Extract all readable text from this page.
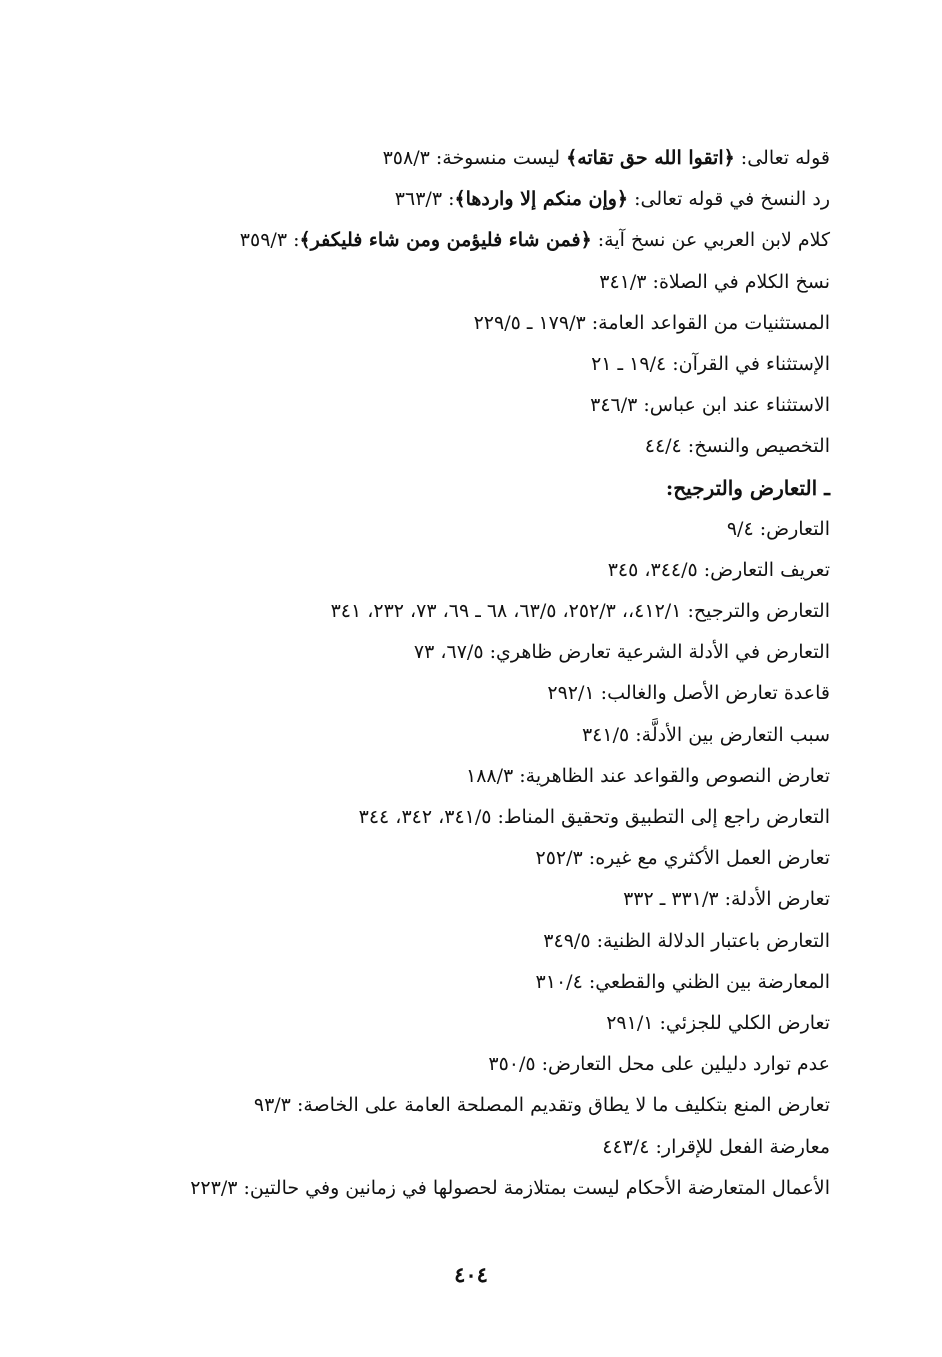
قوله تعالى: ﴿اتقوا الله حق تقاته﴾ ليست منسوخة: ٣٥٨/٣
رد النسخ في قوله تعالى: ﴿وإن منكم إلا واردها﴾: ٣٦٣/٣
كلام لابن العربي عن نسخ آية: ﴿فمن شاء فليؤمن ومن شاء فليكفر﴾: ٣٥٩/٣
نسخ الكلام في الصلاة: ٣٤١/٣
المستثنيات من القواعد العامة: ١٧٩/٣ ـ ٢٢٩/٥
الإستثناء في القرآن: ١٩/٤ ـ ٢١
الاستثناء عند ابن عباس: ٣٤٦/٣
التخصيص والنسخ: ٤٤/٤
ـ التعارض والترجيح:
التعارض: ٩/٤
تعريف التعارض: ٣٤٤/٥، ٣٤٥
التعارض والترجيح: ٤١٢/١،، ٢٥٢/٣، ٦٣/٥، ٦٨ ـ ٦٩، ٧٣، ٢٣٢، ٣٤١
التعارض في الأدلة الشرعية تعارض ظاهري: ٦٧/٥، ٧٣
قاعدة تعارض الأصل والغالب: ٢٩٢/١
سبب التعارض بين الأدلَّة: ٣٤١/٥
تعارض النصوص والقواعد عند الظاهرية: ١٨٨/٣
التعارض راجع إلى التطبيق وتحقيق المناط: ٣٤١/٥، ٣٤٢، ٣٤٤
تعارض العمل الأكثري مع غيره: ٢٥٢/٣
تعارض الأدلة: ٣٣١/٣ ـ ٣٣٢
التعارض باعتبار الدلالة الظنية: ٣٤٩/٥
المعارضة بين الظني والقطعي: ٣١٠/٤
تعارض الكلي للجزئي: ٢٩١/١
عدم توارد دليلين على محل التعارض: ٣٥٠/٥
تعارض المنع بتكليف ما لا يطاق وتقديم المصلحة العامة على الخاصة: ٩٣/٣
معارضة الفعل للإقرار: ٤٤٣/٤
الأعمال المتعارضة الأحكام ليست بمتلازمة لحصولها في زمانين وفي حالتين: ٢٢٣/٣
٤٠٤
